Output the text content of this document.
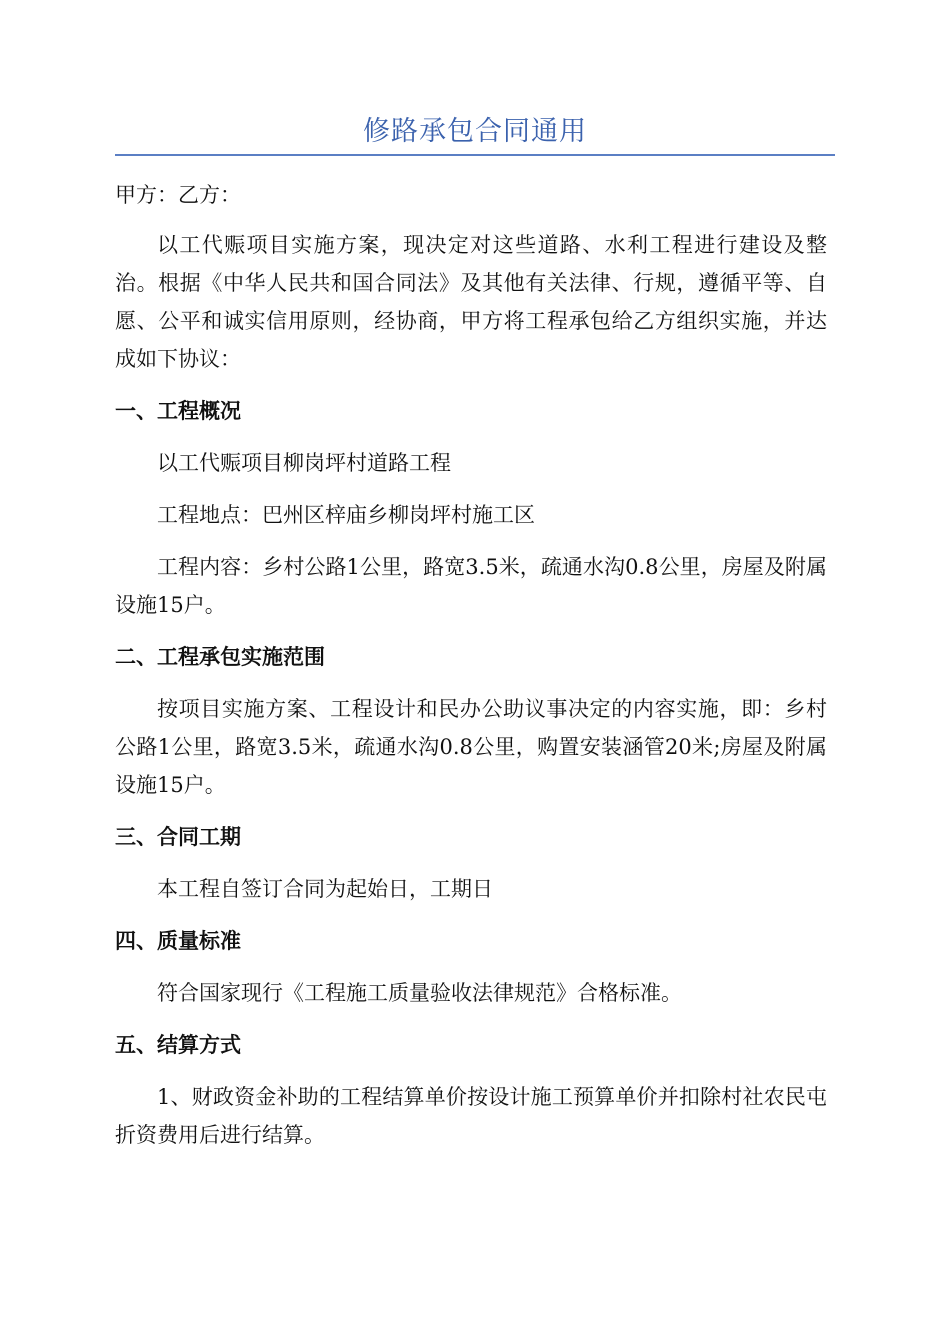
修路承包合同通用
甲方：乙方：
以工代赈项目实施方案，现决定对这些道路、水利工程进行建设及整治。根据《中华人民共和国合同法》及其他有关法律、行规，遵循平等、自愿、公平和诚实信用原则，经协商，甲方将工程承包给乙方组织实施，并达成如下协议：
一、工程概况
以工代赈项目柳岗坪村道路工程
工程地点：巴州区梓庙乡柳岗坪村施工区
工程内容：乡村公路1公里，路宽3.5米，疏通水沟0.8公里，房屋及附属设施15户。
二、工程承包实施范围
按项目实施方案、工程设计和民办公助议事决定的内容实施，即：乡村公路1公里，路宽3.5米，疏通水沟0.8公里，购置安装涵管20米;房屋及附属设施15户。
三、合同工期
本工程自签订合同为起始日，工期日
四、质量标准
符合国家现行《工程施工质量验收法律规范》合格标准。
五、结算方式
1、财政资金补助的工程结算单价按设计施工预算单价并扣除村社农民屯折资费用后进行结算。
